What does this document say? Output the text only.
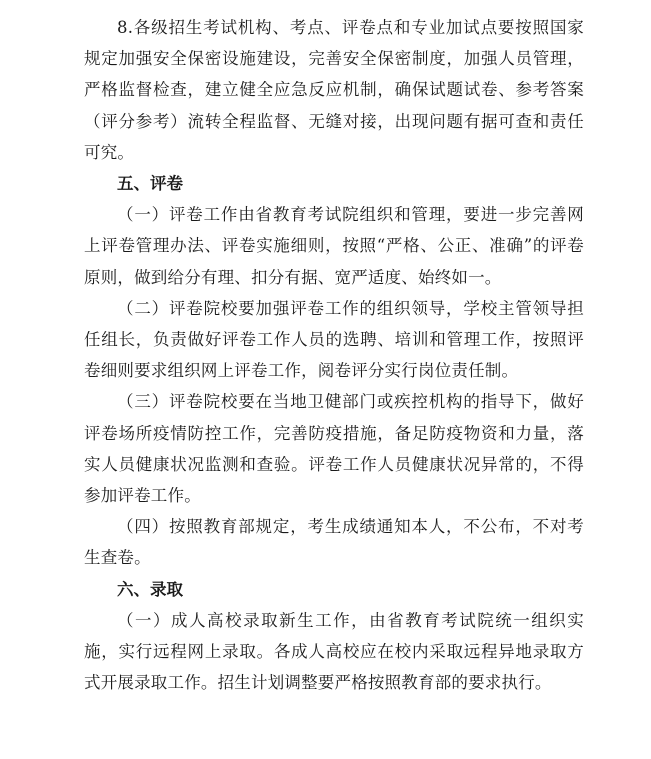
8.各级招生考试机构、考点、评卷点和专业加试点要按照国家规定加强安全保密设施建设，完善安全保密制度，加强人员管理，严格监督检查，建立健全应急反应机制，确保试题试卷、参考答案（评分参考）流转全程监督、无缝对接，出现问题有据可查和责任可究。

五、评卷

（一）评卷工作由省教育考试院组织和管理，要进一步完善网上评卷管理办法、评卷实施细则，按照“严格、公正、准确”的评卷原则，做到给分有理、扣分有据、宽严适度、始终如一。

（二）评卷院校要加强评卷工作的组织领导，学校主管领导担任组长，负责做好评卷工作人员的选聘、培训和管理工作，按照评卷细则要求组织网上评卷工作，阅卷评分实行岗位责任制。

（三）评卷院校要在当地卫健部门或疾控机构的指导下，做好评卷场所疫情防控工作，完善防疫措施，备足防疫物资和力量，落实人员健康状况监测和查验。评卷工作人员健康状况异常的，不得参加评卷工作。

（四）按照教育部规定，考生成绩通知本人，不公布，不对考生查卷。

六、录取

（一）成人高校录取新生工作，由省教育考试院统一组织实施，实行远程网上录取。各成人高校应在校内采取远程异地录取方式开展录取工作。招生计划调整要严格按照教育部的要求执行。
